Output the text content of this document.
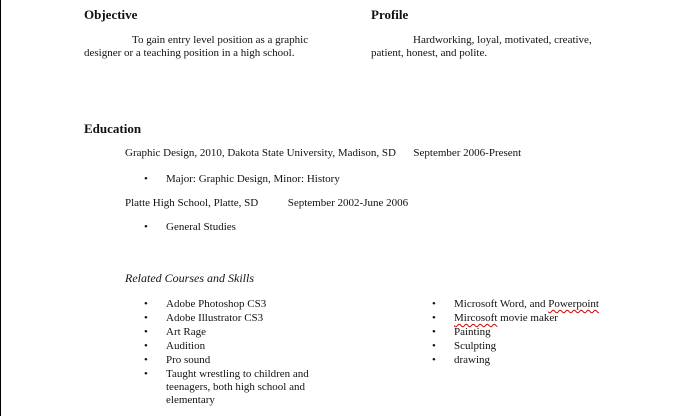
Objective
To gain entry level position as a graphic designer or a teaching position in a high school.
Profile
Hardworking, loyal, motivated, creative, patient, honest, and polite.
Education
Graphic Design, 2010, Dakota State University, Madison, SD September 2006-Present
• Major: Graphic Design, Minor: History
Platte High School, Platte, SD	September 2002-June 2006
• General Studies
Related Courses and Skills
• Adobe Photoshop CS3
• Adobe Illustrator CS3
• Art Rage
• Audition
• Pro sound
• Taught wrestling to children and teenagers, both high school and elementary
• Microsoft Word, and Powerpoint
• Mircosoft movie maker
• Painting
• Sculpting
• drawing
